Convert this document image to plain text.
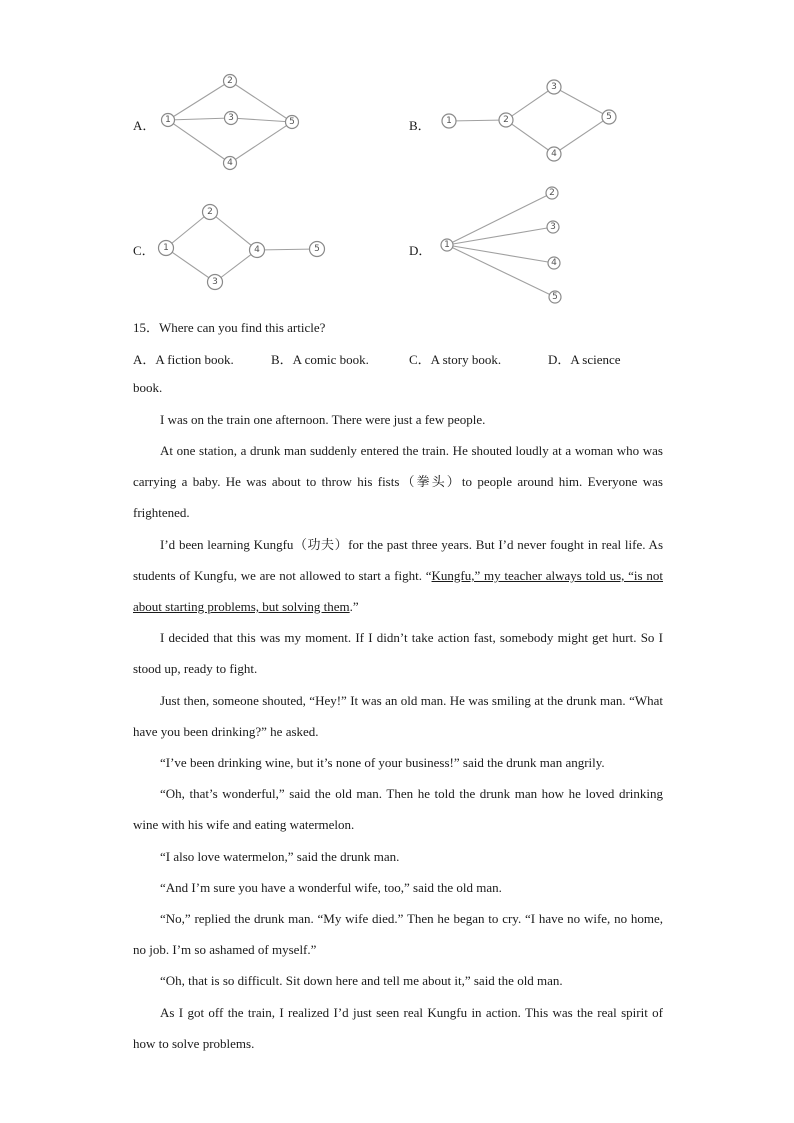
A． 1
2
3
4
5	B． 1	2
3
4
5
C． 1
2
3
4	5	D． 1
2
3
4
5
15．Where can you find this article?
A．A fiction book.	B．A comic book.	C．A story book.	D．A science
book.
I was on the train one afternoon. There were just a few people.
At one station, a drunk man suddenly entered the train. He shouted loudly at a woman who was carrying a baby. He was about to throw his fists（拳头）to people around him. Everyone was frightened.
I’d been learning Kungfu（功夫）for the past three years. But I’d never fought in real life. As students of Kungfu, we are not allowed to start a fight. “Kungfu,” my teacher always told us, “is not about starting problems, but solving them.”
I decided that this was my moment. If I didn’t take action fast, somebody might get hurt. So I stood up, ready to fight.
Just then, someone shouted, “Hey!” It was an old man. He was smiling at the drunk man. “What have you been drinking?” he asked.
“I’ve been drinking wine, but it’s none of your business!” said the drunk man angrily.
“Oh, that’s wonderful,” said the old man. Then he told the drunk man how he loved drinking wine with his wife and eating watermelon.
“I also love watermelon,” said the drunk man.
“And I’m sure you have a wonderful wife, too,” said the old man.
“No,” replied the drunk man. “My wife died.” Then he began to cry. “I have no wife, no home, no job. I’m so ashamed of myself.”
“Oh, that is so difficult. Sit down here and tell me about it,” said the old man.
As I got off the train, I realized I’d just seen real Kungfu in action. This was the real spirit of how to solve problems.
